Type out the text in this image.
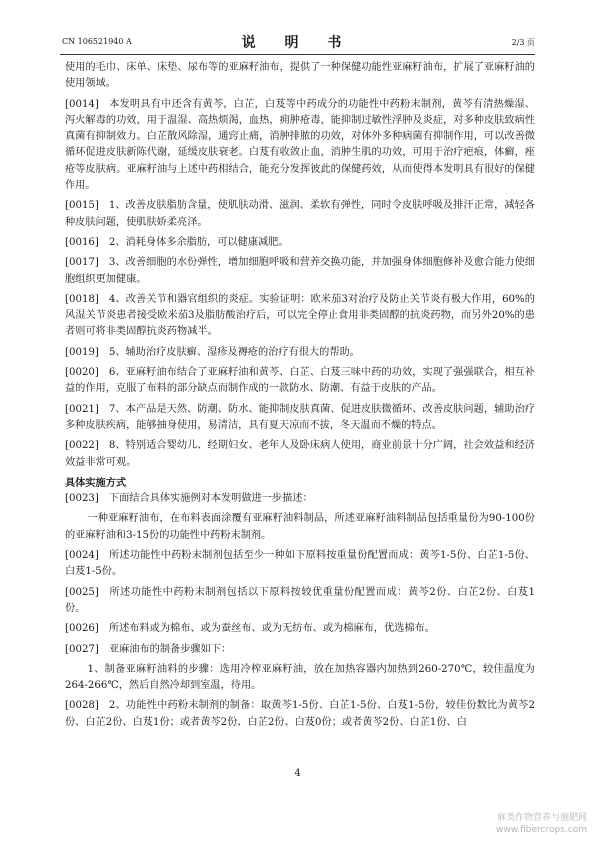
CN 106521940 A	说 明 书	2/3 页

使用的毛巾、床单、床垫、尿布等的亚麻籽油布，提供了一种保健功能性亚麻籽油布，扩展了亚麻籽油的使用领域。

[0014] 本发明具有中还含有黄芩，白芷，白芨等中药成分的功能性中药粉末制剂，黄芩有清热燥湿、泻火解毒的功效，用于温湿、高热烦渴，血热，痈肿疮毒，能抑制过敏性浮肿及炎症，对多种皮肤致病性真菌有抑制效力。白芷散风除湿，通窍止痛，消肿排脓的功效，对体外多种病菌有抑制作用，可以改善微循环促进皮肤新陈代谢，延缓皮肤衰老。白芨有收敛止血，消肿生肌的功效，可用于治疗疤痕，体癣，痤疮等皮肤病。亚麻籽油与上述中药相结合，能充分发挥彼此的保健药效，从而使得本发明具有很好的保健作用。

[0015] 1、改善皮肤脂肪含量，使肌肤动滑、滋润、柔软有弹性，同时令皮肤呼吸及排汗正常，减轻各种皮肤问题，使肌肤娇柔亮泽。

[0016] 2、消耗身体多余脂肪，可以健康减肥。

[0017] 3、改善细胞的水份弹性，增加细胞呼吸和营养交换功能，并加强身体细胞修补及愈合能力使细胞组织更加健康。

[0018] 4、改善关节和器官组织的炎症。实验证明：欧米茄3对治疗及防止关节炎有极大作用，60%的风湿关节炎患者接受欧米茄3及脂肪酸治疗后，可以完全停止食用非类固醇的抗炎药物，而另外20%的患者则可将非类固醇抗炎药物减半。

[0019] 5、辅助治疗皮肤癣、湿疹及褥疮的治疗有很大的帮助。

[0020] 6、亚麻籽油布结合了亚麻籽油和黄芩、白芷、白芨三味中药的功效，实现了强强联合，相互补益的作用，克服了布料的部分缺点而制作成的一款防水、防潮、有益于皮肤的产品。

[0021] 7、本产品是天然、防潮、防水、能抑制皮肤真菌、促进皮肤微循环、改善皮肤问题，辅助治疗多种皮肤疾病，能够抽身使用，易清洁，具有夏天凉而不拔，冬天温而不燥的特点。

[0022] 8、特别适合婴幼儿、经期妇女、老年人及卧床病人使用，商业前景十分广阔，社会效益和经济效益非常可观。

具体实施方式

[0023] 下面结合具体实施例对本发明做进一步描述：

一种亚麻籽油布，在布料表面涂覆有亚麻籽油料制品，所述亚麻籽油料制品包括重量份为90-100份的亚麻籽油和3-15份的功能性中药粉末制剂。

[0024] 所述功能性中药粉末制剂包括至少一种如下原料按重量份配置而成：黄芩1-5份、白芷1-5份、白芨1-5份。

[0025] 所述功能性中药粉末制剂包括以下原料按较优重量份配置而成：黄芩2份、白芷2份、白芨1份。

[0026] 所述布料或为棉布、或为蚕丝布、或为无纺布、或为棉麻布，优选棉布。

[0027] 亚麻油布的制备步骤如下：

1、制备亚麻籽油料的步骤：选用冷榨亚麻籽油，放在加热容器内加热到260-270℃，较佳温度为264-266℃，然后自然冷却到室温，待用。

[0028] 2、功能性中药粉末制剂的制备：取黄芩1-5份、白芷1-5份、白芨1-5份，较佳份数比为黄芩2份、白芷2份、白芨1份；或者黄芩2份、白芷2份、白芨0份；或者黄芩2份、白芷1份、白

4
麻类作物营养与施肥网
www.fibercrops.com
